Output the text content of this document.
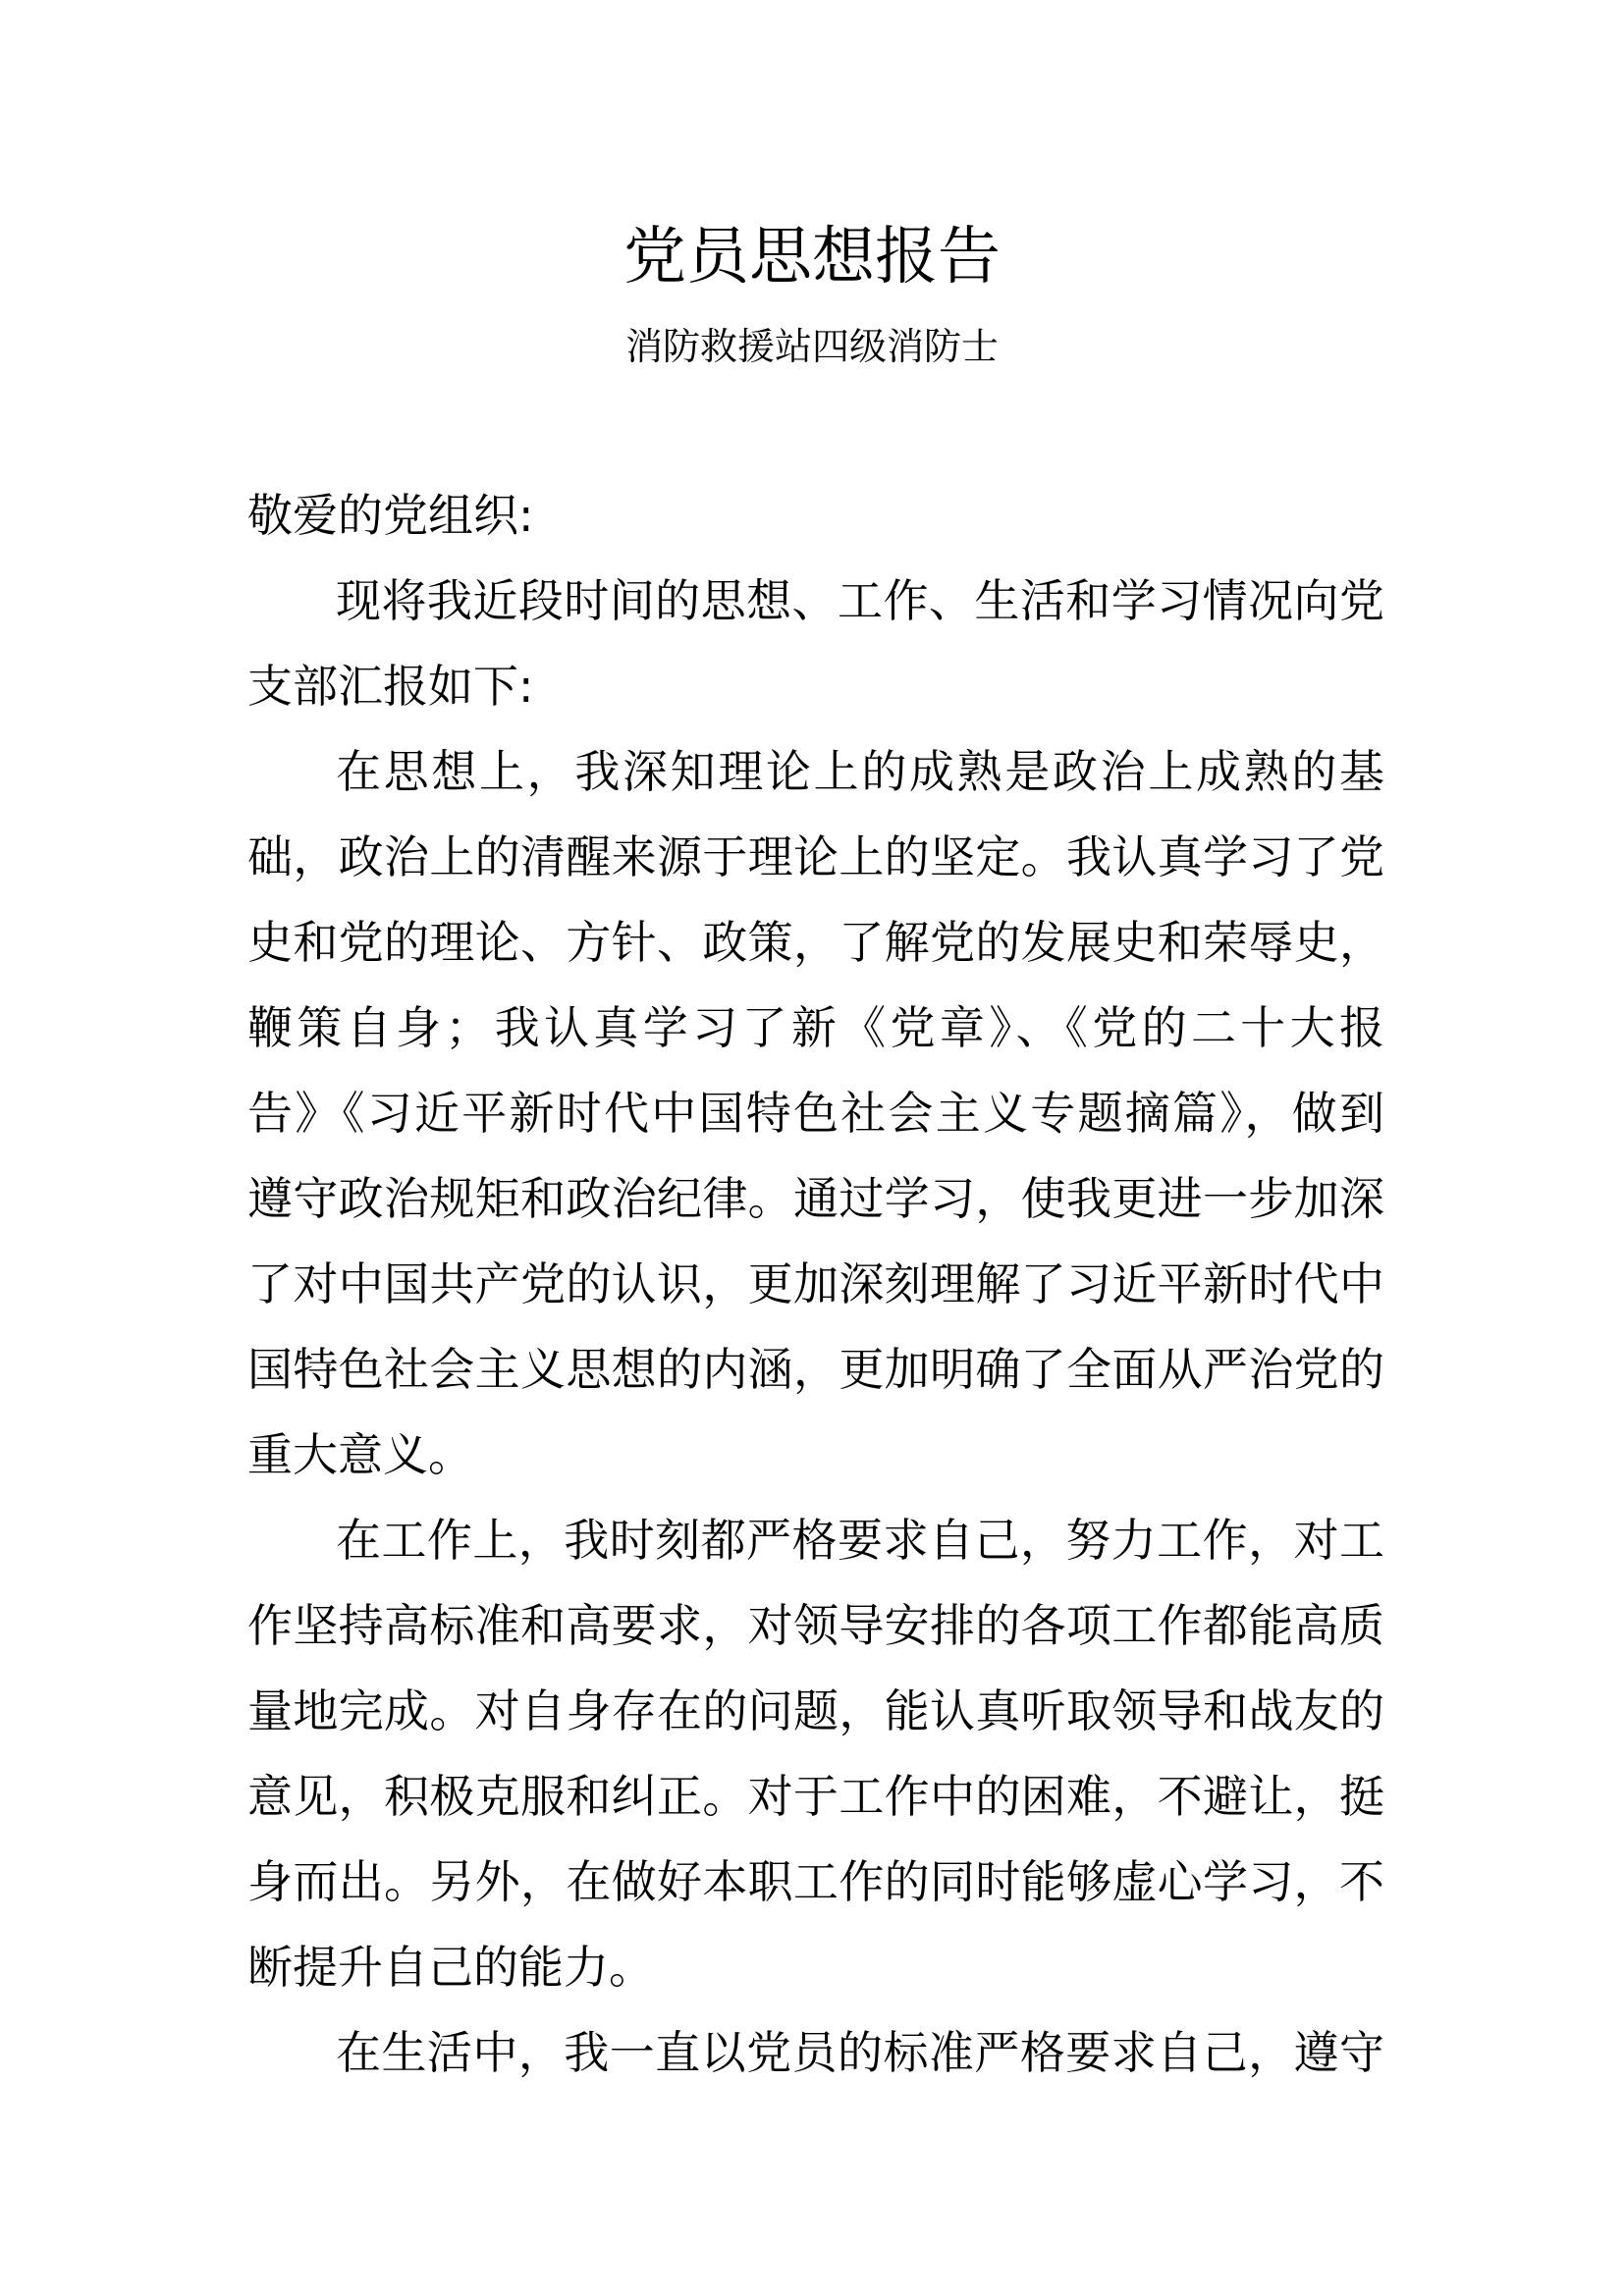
党员思想报告
消防救援站四级消防士
敬爱的党组织:
现将我近段时间的思想、工作、生活和学习情况向党
支部汇报如下:
在思想上，我深知理论上的成熟是政治上成熟的基
础，政治上的清醒来源于理论上的坚定。我认真学习了党
史和党的理论、方针、政策，了解党的发展史和荣辱史，
鞭策自身；我认真学习了新《党章》、《党的二十大报
告》《习近平新时代中国特色社会主义专题摘篇》，做到
遵守政治规矩和政治纪律。通过学习，使我更进一步加深
了对中国共产党的认识，更加深刻理解了习近平新时代中
国特色社会主义思想的内涵，更加明确了全面从严治党的
重大意义。
在工作上，我时刻都严格要求自己，努力工作，对工
作坚持高标准和高要求，对领导安排的各项工作都能高质
量地完成。对自身存在的问题，能认真听取领导和战友的
意见，积极克服和纠正。对于工作中的困难，不避让，挺
身而出。另外，在做好本职工作的同时能够虚心学习，不
断提升自己的能力。
在生活中，我一直以党员的标准严格要求自己，遵守
